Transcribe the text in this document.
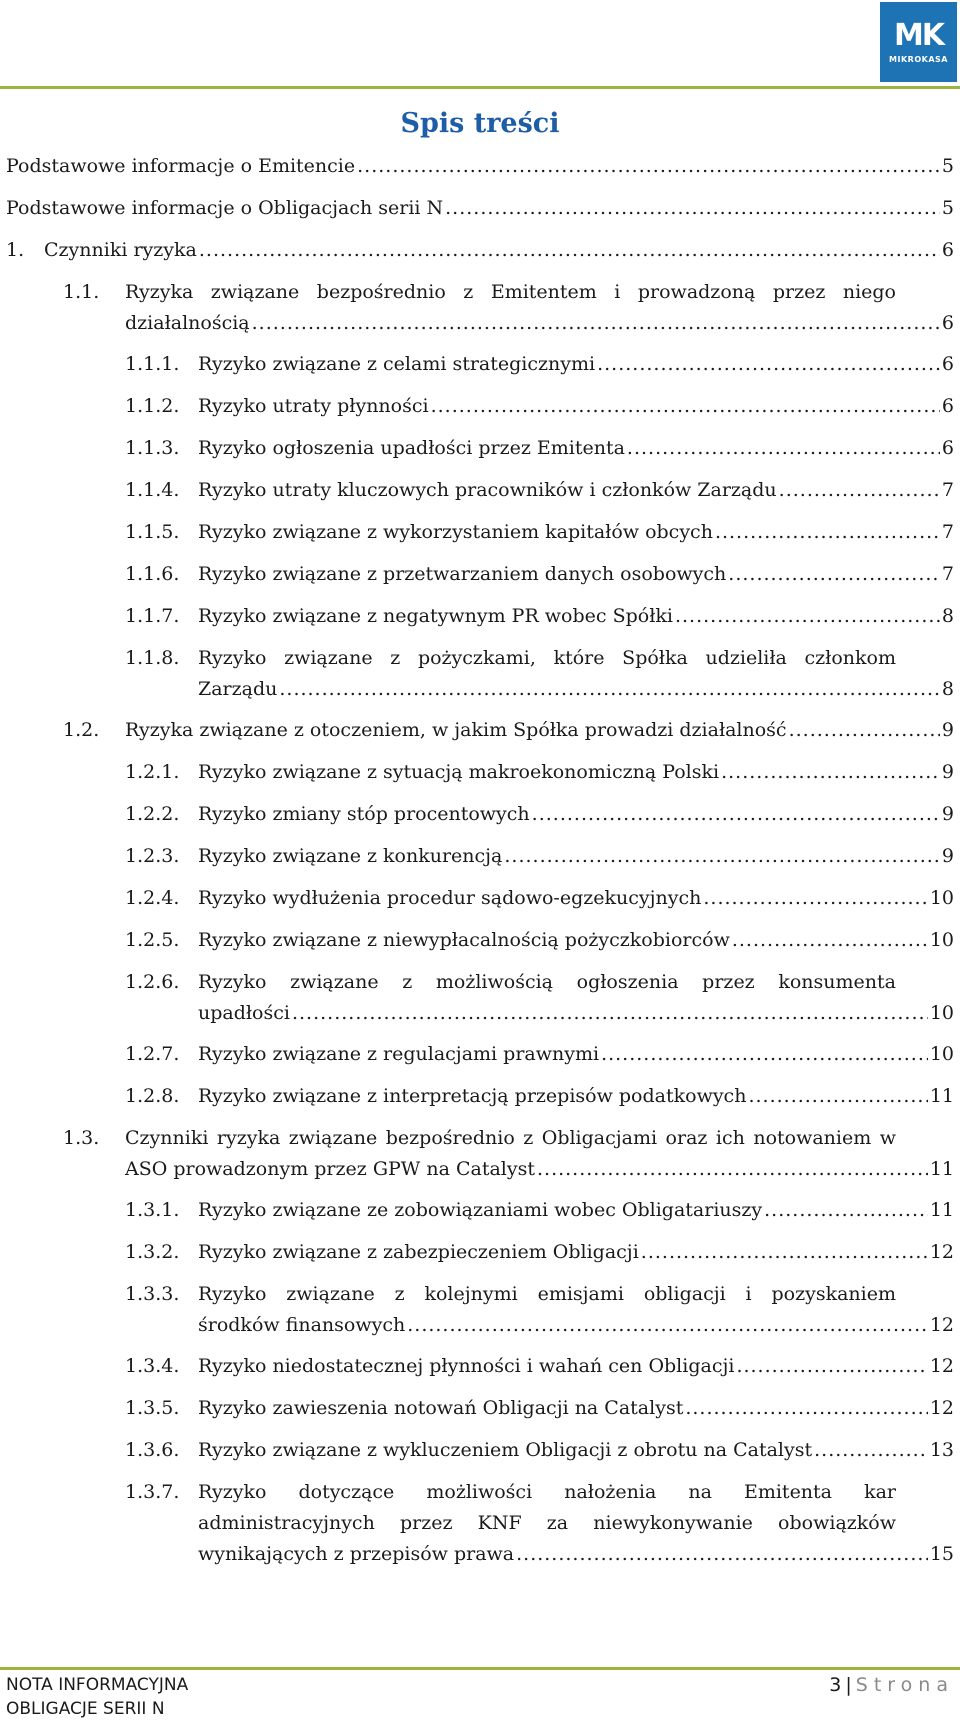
MK
MIKROKASA
Spis treści
Podstawowe informacje o Emitencie .....	5
Podstawowe informacje o Obligacjach serii N .....	5
1.	Czynniki ryzyka .....	6
1.1. Ryzyka związane bezpośrednio z Emitentem i prowadzoną przez niego
działalnością .....	6
1.1.1. Ryzyko związane z celami strategicznymi .....	6
1.1.2. Ryzyko utraty płynności .....	6
1.1.3. Ryzyko ogłoszenia upadłości przez Emitenta .....	6
1.1.4. Ryzyko utraty kluczowych pracowników i członków Zarządu .....	7
1.1.5. Ryzyko związane z wykorzystaniem kapitałów obcych .....	7
1.1.6. Ryzyko związane z przetwarzaniem danych osobowych .....	7
1.1.7. Ryzyko związane z negatywnym PR wobec Spółki .....	8
1.1.8. Ryzyko związane z pożyczkami, które Spółka udzieliła członkom
Zarządu .....	8
1.2.	Ryzyka związane z otoczeniem, w jakim Spółka prowadzi działalność .....	9
1.2.1. Ryzyko związane z sytuacją makroekonomiczną Polski .....	9
1.2.2. Ryzyko zmiany stóp procentowych .....	9
1.2.3. Ryzyko związane z konkurencją .....	9
1.2.4. Ryzyko wydłużenia procedur sądowo-egzekucyjnych .....	10
1.2.5. Ryzyko związane z niewypłacalnością pożyczkobiorców .....	10
1.2.6. Ryzyko związane z możliwością ogłoszenia przez konsumenta
upadłości .....	10
1.2.7. Ryzyko związane z regulacjami prawnymi .....	10
1.2.8. Ryzyko związane z interpretacją przepisów podatkowych .....	11
1.3. Czynniki ryzyka związane bezpośrednio z Obligacjami oraz ich notowaniem w
ASO prowadzonym przez GPW na Catalyst .....	11
1.3.1. Ryzyko związane ze zobowiązaniami wobec Obligatariuszy .....	11
1.3.2. Ryzyko związane z zabezpieczeniem Obligacji .....	12
1.3.3. Ryzyko związane z kolejnymi emisjami obligacji i pozyskaniem
środków finansowych .....	12
1.3.4. Ryzyko niedostatecznej płynności i wahań cen Obligacji .....	12
1.3.5. Ryzyko zawieszenia notowań Obligacji na Catalyst .....	12
1.3.6. Ryzyko związane z wykluczeniem Obligacji z obrotu na Catalyst .....	13
1.3.7. Ryzyko dotyczące możliwości nałożenia na Emitenta kar
administracyjnych przez KNF za niewykonywanie obowiązków
wynikających z przepisów prawa .....	15
NOTA INFORMACYJNA
OBLIGACJE SERII N
3 | Strona
